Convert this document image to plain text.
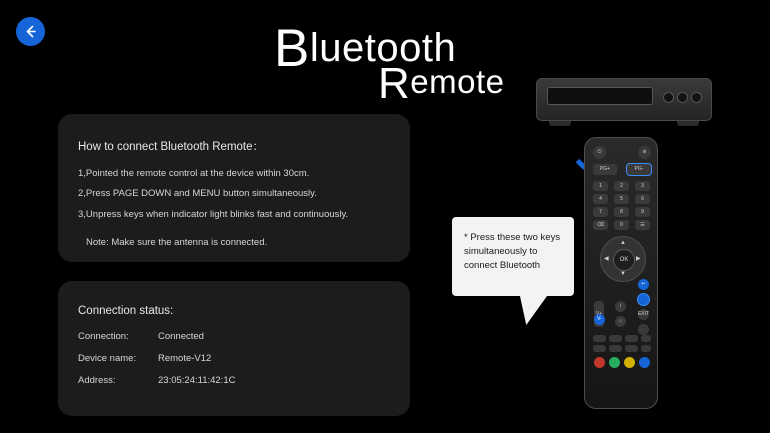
Bluetooth
Remote
How to connect Bluetooth Remote：
1,Pointed the remote control at the device within 30cm.
2,Press PAGE DOWN and MENU button simultaneously.
3,Unpress keys when indicator light blinks fast and continuously.
Note: Make sure the antenna is connected.
Connection status:
Connection:	Connected
Device name:	Remote-V12
Address:	23:05:24:11:42:1C
* Press these two keys simultaneously to connect Bluetooth
⏻	⊘
PG+	PG-
1	2	3
4	5	6
7	8	9
⌫	0	☰
▲
▼
◀	▶
OK
↩
V-
i
⌂
EXIT
